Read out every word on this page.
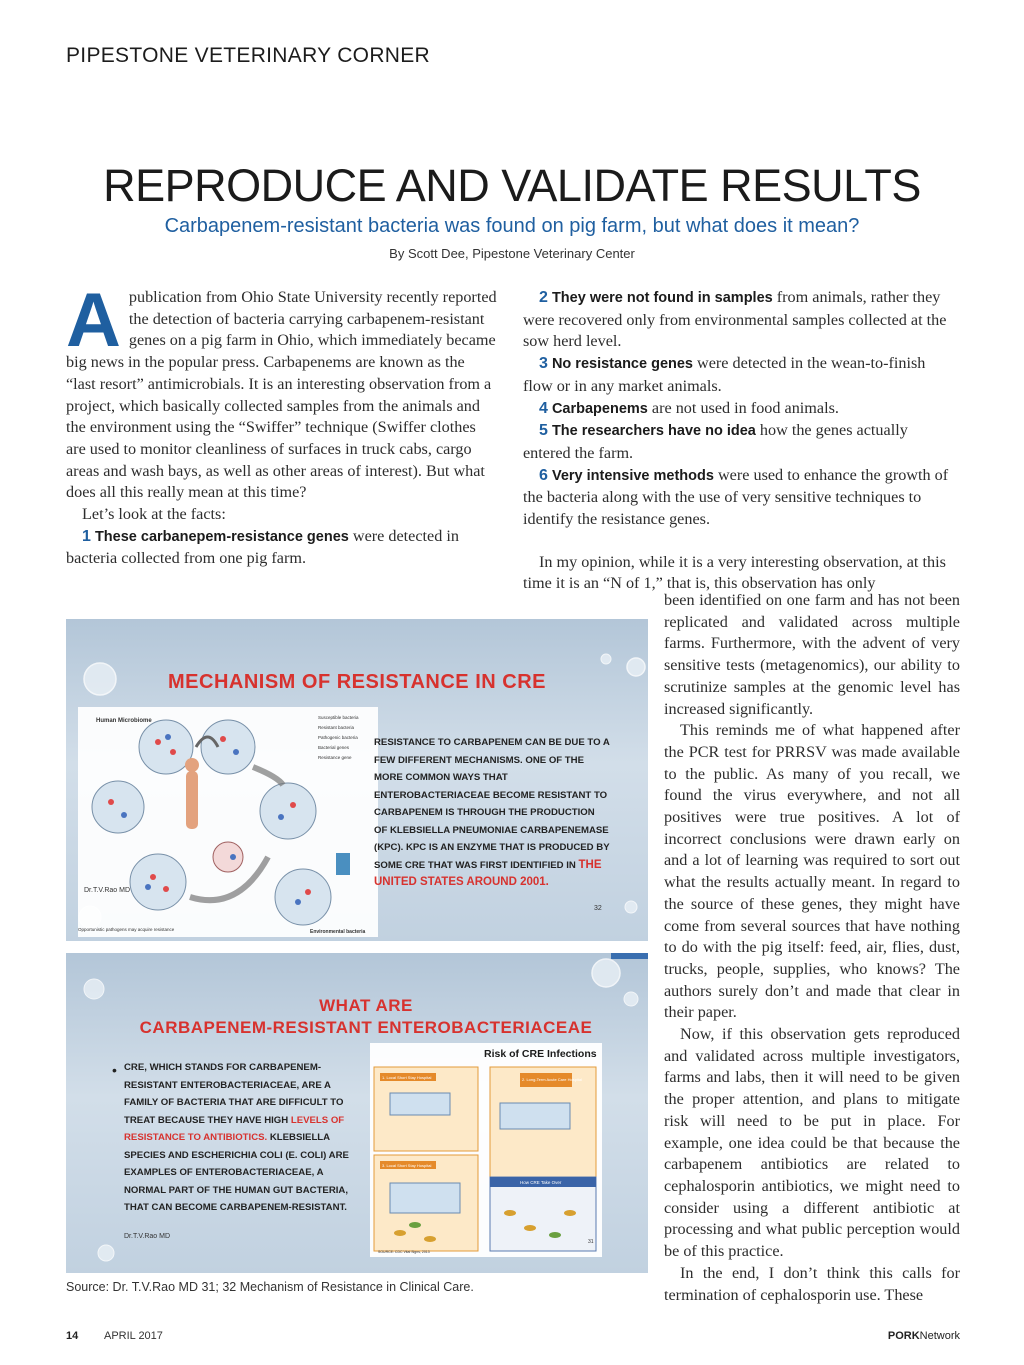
PIPESTONE VETERINARY CORNER
REPRODUCE AND VALIDATE RESULTS
Carbapenem-resistant bacteria was found on pig farm, but what does it mean?
By Scott Dee, Pipestone Veterinary Center
A publication from Ohio State University recently reported the detection of bacteria carrying carbapenem-resistant genes on a pig farm in Ohio, which immediately became big news in the popular press. Carbapenems are known as the “last resort” antimicrobials. It is an interesting observation from a project, which basically collected samples from the animals and the environment using the “Swiffer” technique (Swiffer clothes are used to monitor cleanliness of surfaces in truck cabs, cargo areas and wash bays, as well as other areas of interest). But what does all this really mean at this time?

Let’s look at the facts:

1 These carbanepem-resistance genes were detected in bacteria collected from one pig farm.

2 They were not found in samples from animals, rather they were recovered only from environmental samples collected at the sow herd level.

3 No resistance genes were detected in the wean-to-finish flow or in any market animals.

4 Carbapenems are not used in food animals.

5 The researchers have no idea how the genes actually entered the farm.

6 Very intensive methods were used to enhance the growth of the bacteria along with the use of very sensitive techniques to identify the resistance genes.

In my opinion, while it is a very interesting observation, at this time it is an “N of 1,” that is, this observation has only

been identified on one farm and has not been replicated and validated across multiple farms. Furthermore, with the advent of very sensitive tests (metagenomics), our ability to scrutinize samples at the genomic level has increased significantly.

This reminds me of what happened after the PCR test for PRRSV was made available to the public. As many of you recall, we found the virus everywhere, and not all positives were true positives. A lot of incorrect conclusions were drawn early on and a lot of learning was required to sort out what the results actually meant. In regard to the source of these genes, they might have come from several sources that have nothing to do with the pig itself: feed, air, flies, dust, trucks, people, supplies, who knows? The authors surely don’t and made that clear in their paper.

Now, if this observation gets reproduced and validated across multiple investigators, farms and labs, then it will need to be given the proper attention, and plans to mitigate risk will need to be put in place. For example, one idea could be that because the carbapenem antibiotics are related to cephalosporin antibiotics, we might need to consider using a different antibiotic at processing and what public perception would be of this practice.

In the end, I don’t think this calls for termination of cephalosporin use. These

MECHANISM OF RESISTANCE IN CRE
Human Microbiome
Susceptible bacteria
Resistant bacteria
Pathogenic bacteria
Bacterial genes
Resistance gene
Opportunistic pathogens may acquire resistance	Environmental bacteria
RESISTANCE TO CARBAPENEM CAN BE DUE TO A FEW DIFFERENT MECHANISMS. ONE OF THE MORE COMMON WAYS THAT ENTEROBACTERIACEAE BECOME RESISTANT TO CARBAPENEM IS THROUGH THE PRODUCTION OF KLEBSIELLA PNEUMONIAE CARBAPENEMASE (KPC). KPC IS AN ENZYME THAT IS PRODUCED BY SOME CRE THAT WAS FIRST IDENTIFIED IN THE UNITED STATES AROUND 2001.
Dr.T.V.Rao MD
32
WHAT ARE
CARBAPENEM-RESISTANT ENTEROBACTERIACEAE
• CRE, WHICH STANDS FOR CARBAPENEM-RESISTANT ENTEROBACTERIACEAE, ARE A FAMILY OF BACTERIA THAT ARE DIFFICULT TO TREAT BECAUSE THEY HAVE HIGH LEVELS OF RESISTANCE TO ANTIBIOTICS. KLEBSIELLA SPECIES AND ESCHERICHIA COLI (E. COLI) ARE EXAMPLES OF ENTEROBACTERIACEAE, A NORMAL PART OF THE HUMAN GUT BACTERIA, THAT CAN BECOME CARBAPENEM-RESISTANT.
Dr.T.V.Rao MD
1. Local Short Stay Hospital	2. Long-Term Acute Care Hospital
3. Local Short Stay Hospital
How CRE Take Over
SOURCE: CDC Vital Signs, 2013
31
Risk of CRE Infections
Source: Dr. T.V.Rao MD 31; 32 Mechanism of Resistance in Clinical Care.
14 APRIL 2017	PORKNetwork
